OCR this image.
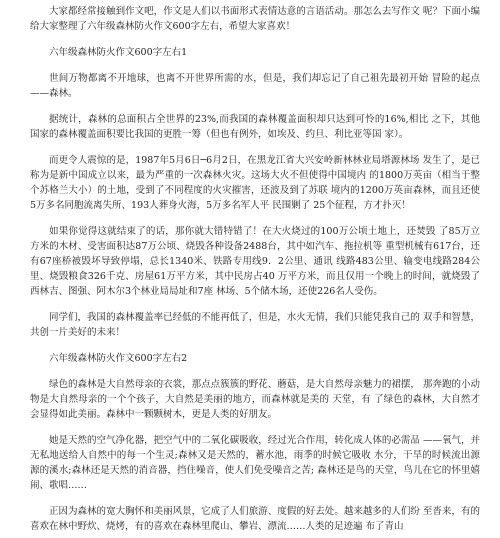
大家都经常接触到作文吧，作文是人们以书面形式表情达意的言语活动。那怎么去写作文 呢？下面小编给大家整理了六年级森林防火作文600字左右，希望大家喜欢！

六年级森林防火作文600字左右1

世间万物都离不开地球，也离不开世界所需的水，但是，我们却忘记了自己祖先最初开始 冒险的起点——森林。

据统计，森林的总面积占全世界的23%,而我国的森林覆盖面积却只达到可怜的16%,相比 之下，其他国家的森林覆盖面积要比我国的更胜一筹（但也有例外，如埃及、约旦、利比亚等国 家）。

而更令人震惊的是，1987年5月6日─6月2日，在黑龙江省大兴安岭新林林业局塔源林场 发生了，是已称为是新中国成立以来，最为严重的一次森林火灾。这场大火不但使得中国境内 的1800万英亩（相当于整个苏格兰大小）的土地，受到了不同程度的火灾摧害，还波及到了苏联 境内的1200万英亩森林，而且还使5万多名同胞流离失所、193人葬身火海，5万多名军人平 民围剿了 25个征程，方才扑灭！

如果你觉得这就结束了的话，那你就大错特错了！在大火烧过的100万公顷土地上，还焚毁 了85万立方米的木材、受害面积达87万公顷、烧毁各种设备2488台，其中如汽车、拖拉机等 重型机械有617台，还有67座桥被毁坏导致停塌，总长1340米、铁路专用线9．2公里、通讯 线路483公里、输变电线路284公里、烧毁粮食326千克、房屋61万平方米，其中民房占40 万平方米，而且仅用一个晚上的时间，就烧毁了西林吉、图强、阿木尔3个林业局局址和7座 林场、5个储木场，还使226名人受伤。

同学们，我国的森林覆盖率已经低的不能再低了，但是，水火无情，我们只能凭我自己的 双手和智慧，共创一片美好的未来！

六年级森林防火作文600字左右2

绿色的森林是大自然母亲的衣裳，那点点簇簇的野花、蘑菇，是大自然母亲魅力的裙摆， 那奔跑的小动物是大自然母亲的一个个孩子，大自然是美丽的地方，而森林就是美的 天堂，有 了绿色的森林，大自然才会显得如此美丽。森林中一颗颗树木，更是人类的好朋友。

她是天然的空气净化器，把空气中的二氧化碳吸收，经过光合作用，转化成人体的必需品 ——氧气，并无私地送给人自然中的每一个生灵;森林又是天然的，蓄水池，雨季的时候它吸收 水分，干旱的时候流出源源的溪水;森林还是天然的消音器，挡住噪音，使人们免受噪音之苦; 森林还是鸟的天堂，鸟儿在它的怀里嬉闹、歌唱……

正因为森林的宽大胸怀和美丽风景，它成了人们旅游、度假的好去处。越来越多的人们纷 至沓来，有的喜欢在林中野炊、烧烤，有的喜欢在森林里爬山、攀岩、漂流……人类的足迹遍 布了青山
